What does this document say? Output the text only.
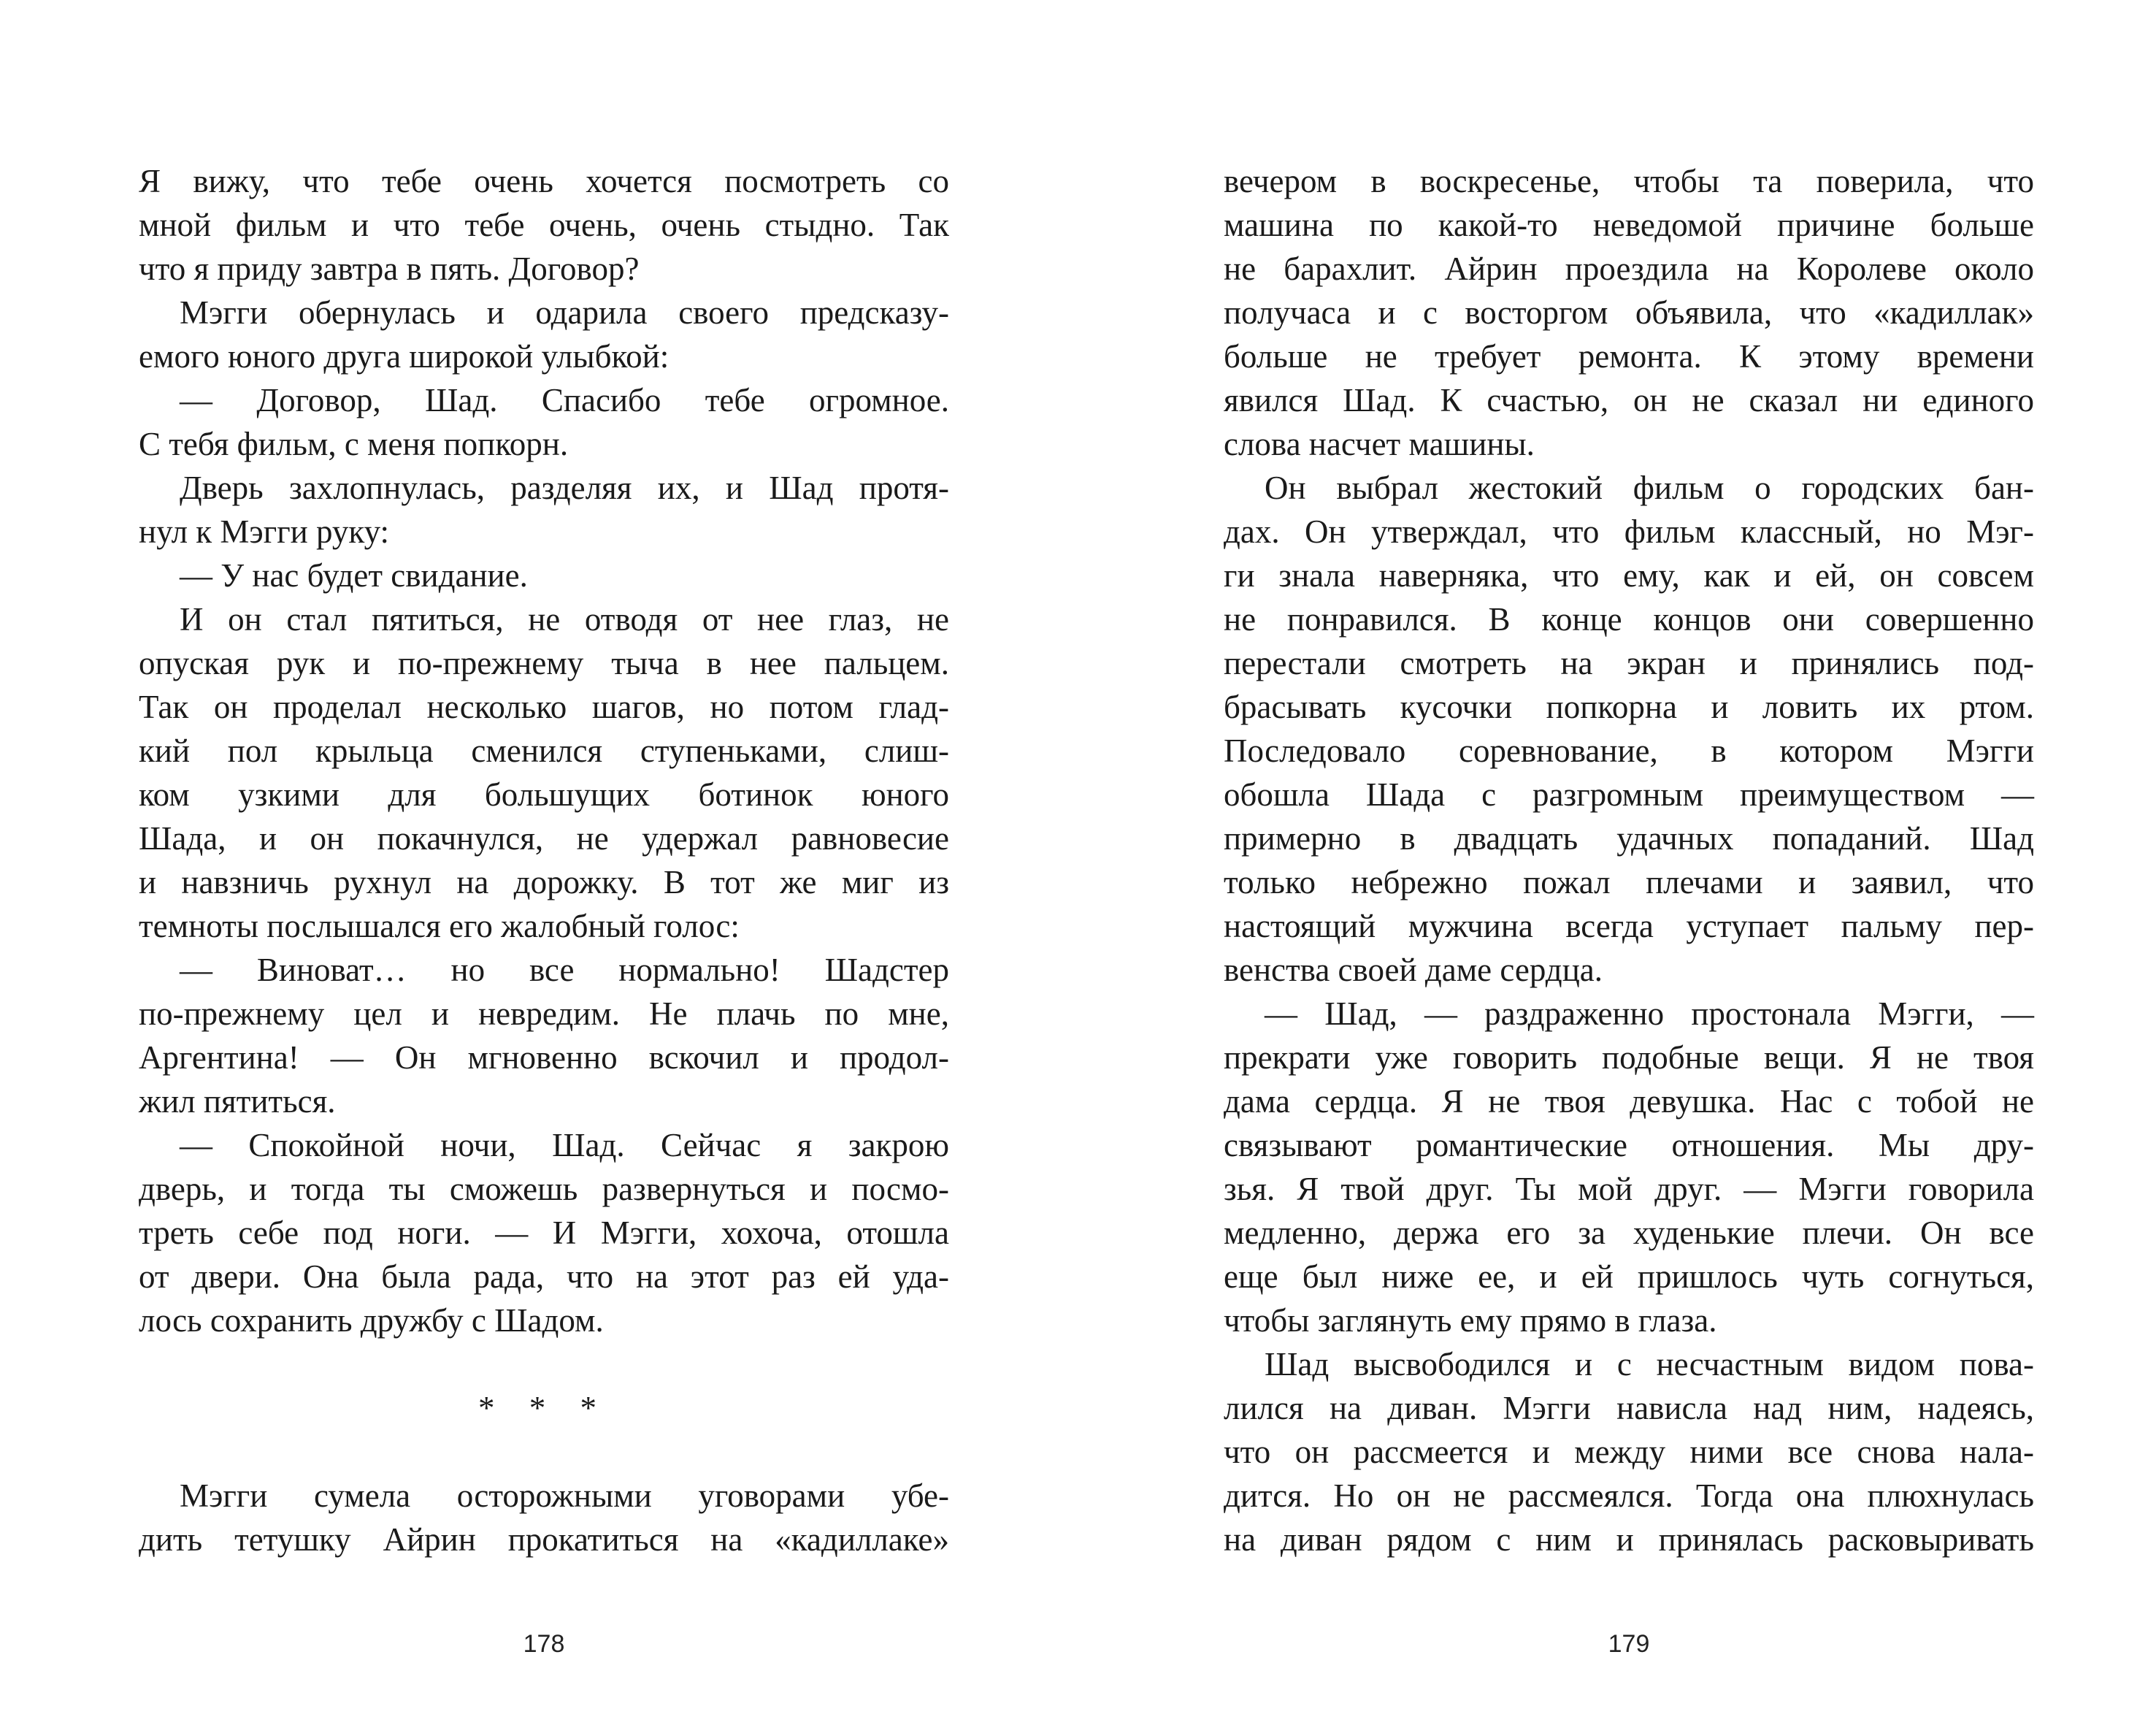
Я вижу, что тебе очень хочется посмотреть со
мной фильм и что тебе очень, очень стыдно. Так
что я приду завтра в пять. Договор?
Мэгги обернулась и одарила своего предсказу-
емого юного друга широкой улыбкой:
— Договор, Шад. Спасибо тебе огромное.
С тебя фильм, с меня попкорн.
Дверь захлопнулась, разделяя их, и Шад протя-
нул к Мэгги руку:
— У нас будет свидание.
И он стал пятиться, не отводя от нее глаз, не
опуская рук и по-прежнему тыча в нее пальцем.
Так он проделал несколько шагов, но потом глад-
кий пол крыльца сменился ступеньками, слиш-
ком узкими для большущих ботинок юного
Шада, и он покачнулся, не удержал равновесие
и навзничь рухнул на дорожку. В тот же миг из
темноты послышался его жалобный голос:
— Виноват… но все нормально! Шадстер
по-прежнему цел и невредим. Не плачь по мне,
Аргентина! — Он мгновенно вскочил и продол-
жил пятиться.
— Спокойной ночи, Шад. Сейчас я закрою
дверь, и тогда ты сможешь развернуться и посмо-
треть себе под ноги. — И Мэгги, хохоча, отошла
от двери. Она была рада, что на этот раз ей уда-
лось сохранить дружбу с Шадом.
* * *
Мэгги сумела осторожными уговорами убе-
дить тетушку Айрин прокатиться на «кадиллаке»
178
вечером в воскресенье, чтобы та поверила, что
машина по какой-то неведомой причине больше
не барахлит. Айрин проездила на Королеве около
получаса и с восторгом объявила, что «кадиллак»
больше не требует ремонта. К этому времени
явился Шад. К счастью, он не сказал ни единого
слова насчет машины.
Он выбрал жестокий фильм о городских бан-
дах. Он утверждал, что фильм классный, но Мэг-
ги знала наверняка, что ему, как и ей, он совсем
не понравился. В конце концов они совершенно
перестали смотреть на экран и принялись под-
брасывать кусочки попкорна и ловить их ртом.
Последовало соревнование, в котором Мэгги
обошла Шада с разгромным преимуществом —
примерно в двадцать удачных попаданий. Шад
только небрежно пожал плечами и заявил, что
настоящий мужчина всегда уступает пальму пер-
венства своей даме сердца.
— Шад, — раздраженно простонала Мэгги, —
прекрати уже говорить подобные вещи. Я не твоя
дама сердца. Я не твоя девушка. Нас с тобой не
связывают романтические отношения. Мы дру-
зья. Я твой друг. Ты мой друг. — Мэгги говорила
медленно, держа его за худенькие плечи. Он все
еще был ниже ее, и ей пришлось чуть согнуться,
чтобы заглянуть ему прямо в глаза.
Шад высвободился и с несчастным видом пова-
лился на диван. Мэгги нависла над ним, надеясь,
что он рассмеется и между ними все снова нала-
дится. Но он не рассмеялся. Тогда она плюхнулась
на диван рядом с ним и принялась расковыривать
179
